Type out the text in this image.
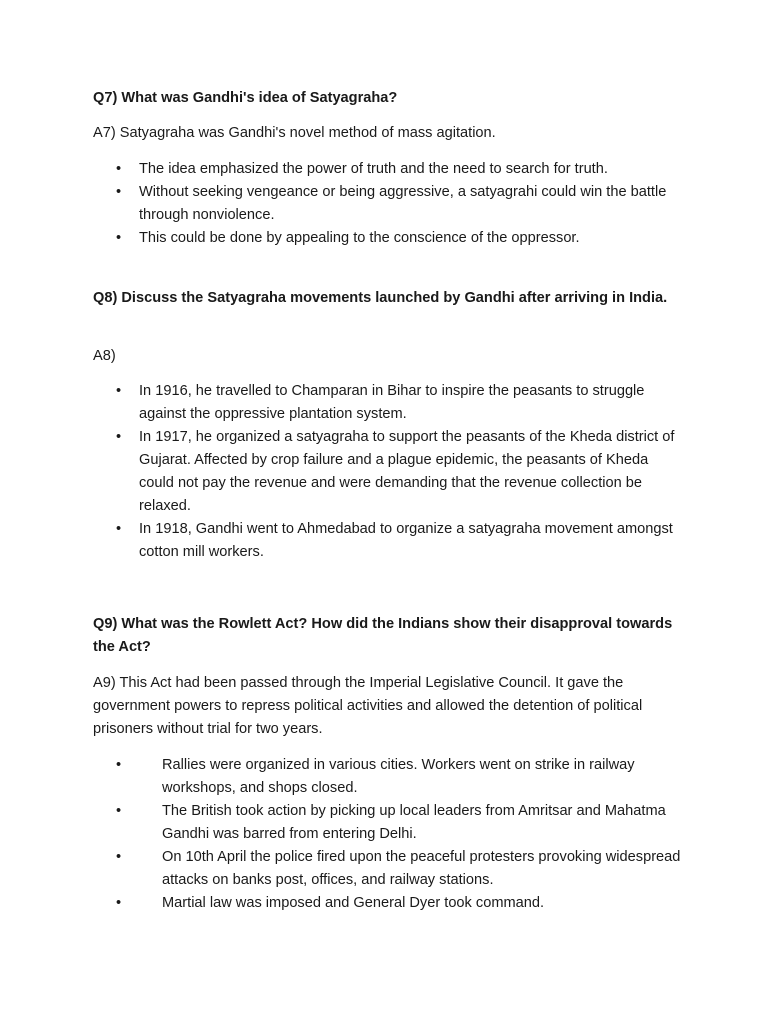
Q7) What was Gandhi's idea of Satyagraha?

A7) Satyagraha was Gandhi's novel method of mass agitation.

• The idea emphasized the power of truth and the need to search for truth.
• Without seeking vengeance or being aggressive, a satyagrahi could win the battle through nonviolence.
• This could be done by appealing to the conscience of the oppressor.

Q8) Discuss the Satyagraha movements launched by Gandhi after arriving in India.

A8)

• In 1916, he travelled to Champaran in Bihar to inspire the peasants to struggle against the oppressive plantation system.
• In 1917, he organized a satyagraha to support the peasants of the Kheda district of Gujarat. Affected by crop failure and a plague epidemic, the peasants of Kheda could not pay the revenue and were demanding that the revenue collection be relaxed.
• In 1918, Gandhi went to Ahmedabad to organize a satyagraha movement amongst cotton mill workers.

Q9) What was the Rowlett Act? How did the Indians show their disapproval towards the Act?

A9) This Act had been passed through the Imperial Legislative Council. It gave the government powers to repress political activities and allowed the detention of political prisoners without trial for two years.

•	Rallies were organized in various cities. Workers went on strike in railway workshops, and shops closed.
•	The British took action by picking up local leaders from Amritsar and Mahatma Gandhi was barred from entering Delhi.
•	On 10th April the police fired upon the peaceful protesters provoking widespread attacks on banks post, offices, and railway stations.
•	Martial law was imposed and General Dyer took command.
